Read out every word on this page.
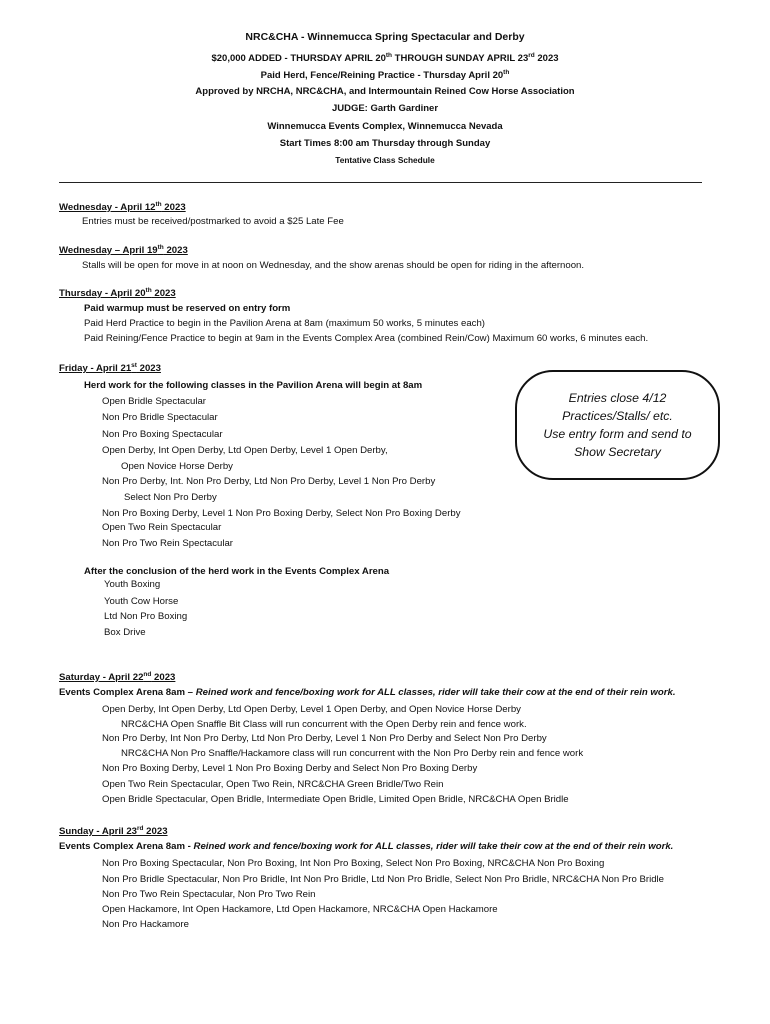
NRC&CHA - Winnemucca Spring Spectacular and Derby
$20,000 ADDED - THURSDAY APRIL 20th THROUGH SUNDAY APRIL 23rd 2023
Paid Herd, Fence/Reining Practice - Thursday April 20th
Approved by NRCHA, NRC&CHA, and Intermountain Reined Cow Horse Association
JUDGE: Garth Gardiner
Winnemucca Events Complex, Winnemucca Nevada
Start Times 8:00 am Thursday through Sunday
Tentative Class Schedule
Wednesday - April 12th 2023
Entries must be received/postmarked to avoid a $25 Late Fee
Wednesday – April 19th 2023
Stalls will be open for move in at noon on Wednesday, and the show arenas should be open for riding in the afternoon.
Thursday - April 20th 2023
Paid warmup must be reserved on entry form
Paid Herd Practice to begin in the Pavilion Arena at 8am (maximum 50 works, 5 minutes each)
Paid Reining/Fence Practice to begin at 9am in the Events Complex Area (combined Rein/Cow) Maximum 60 works, 6 minutes each.
Friday - April 21st 2023
Herd work for the following classes in the Pavilion Arena will begin at 8am
Open Bridle Spectacular
Non Pro Bridle Spectacular
Non Pro Boxing Spectacular
Open Derby, Int Open Derby, Ltd Open Derby, Level 1 Open Derby,
Open Novice Horse Derby
Non Pro Derby, Int. Non Pro Derby, Ltd Non Pro Derby, Level 1 Non Pro Derby
Select Non Pro Derby
Non Pro Boxing Derby, Level 1 Non Pro Boxing Derby, Select Non Pro Boxing Derby
Open Two Rein Spectacular
Non Pro Two Rein Spectacular
After the conclusion of the herd work in the Events Complex Arena
Youth Boxing
Youth Cow Horse
Ltd Non Pro Boxing
Box Drive
Entries close 4/12
Practices/Stalls/ etc.
Use entry form and send to
Show Secretary
Saturday - April 22nd 2023
Events Complex Arena 8am – Reined work and fence/boxing work for ALL classes, rider will take their cow at the end of their rein work.
Open Derby, Int Open Derby, Ltd Open Derby, Level 1 Open Derby, and Open Novice Horse Derby
NRC&CHA Open Snaffle Bit Class will run concurrent with the Open Derby rein and fence work.
Non Pro Derby, Int Non Pro Derby, Ltd Non Pro Derby, Level 1 Non Pro Derby and Select Non Pro Derby
NRC&CHA Non Pro Snaffle/Hackamore class will run concurrent with the Non Pro Derby rein and fence work
Non Pro Boxing Derby, Level 1 Non Pro Boxing Derby and Select Non Pro Boxing Derby
Open Two Rein Spectacular, Open Two Rein, NRC&CHA Green Bridle/Two Rein
Open Bridle Spectacular, Open Bridle, Intermediate Open Bridle, Limited Open Bridle, NRC&CHA Open Bridle
Sunday - April 23rd 2023
Events Complex Arena 8am - Reined work and fence/boxing work for ALL classes, rider will take their cow at the end of their rein work.
Non Pro Boxing Spectacular, Non Pro Boxing, Int Non Pro Boxing, Select Non Pro Boxing, NRC&CHA Non Pro Boxing
Non Pro Bridle Spectacular, Non Pro Bridle, Int Non Pro Bridle, Ltd Non Pro Bridle, Select Non Pro Bridle, NRC&CHA Non Pro Bridle
Non Pro Two Rein Spectacular, Non Pro Two Rein
Open Hackamore, Int Open Hackamore, Ltd Open Hackamore, NRC&CHA Open Hackamore
Non Pro Hackamore
